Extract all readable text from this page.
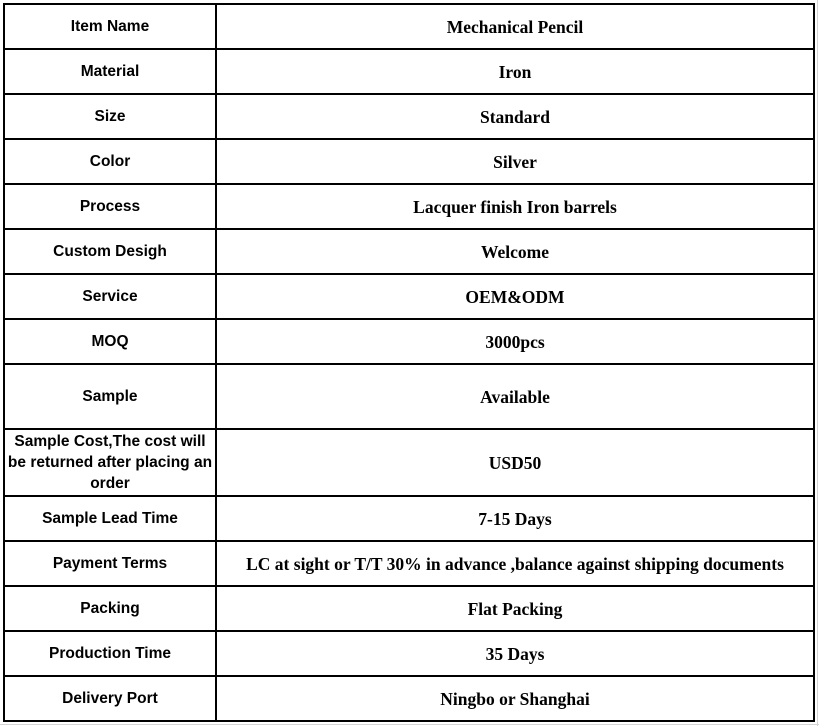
Item Name	Mechanical Pencil
Material	Iron
Size	Standard
Color	Silver
Process	Lacquer finish Iron barrels
Custom Desigh	Welcome
Service	OEM&ODM
MOQ	3000pcs
Sample	Available
Sample Cost,The cost will be returned after placing an order	USD50
Sample Lead Time	7-15 Days
Payment Terms	LC at sight or T/T 30% in advance ,balance against shipping documents
Packing	Flat Packing
Production Time	35 Days
Delivery Port	Ningbo or Shanghai
